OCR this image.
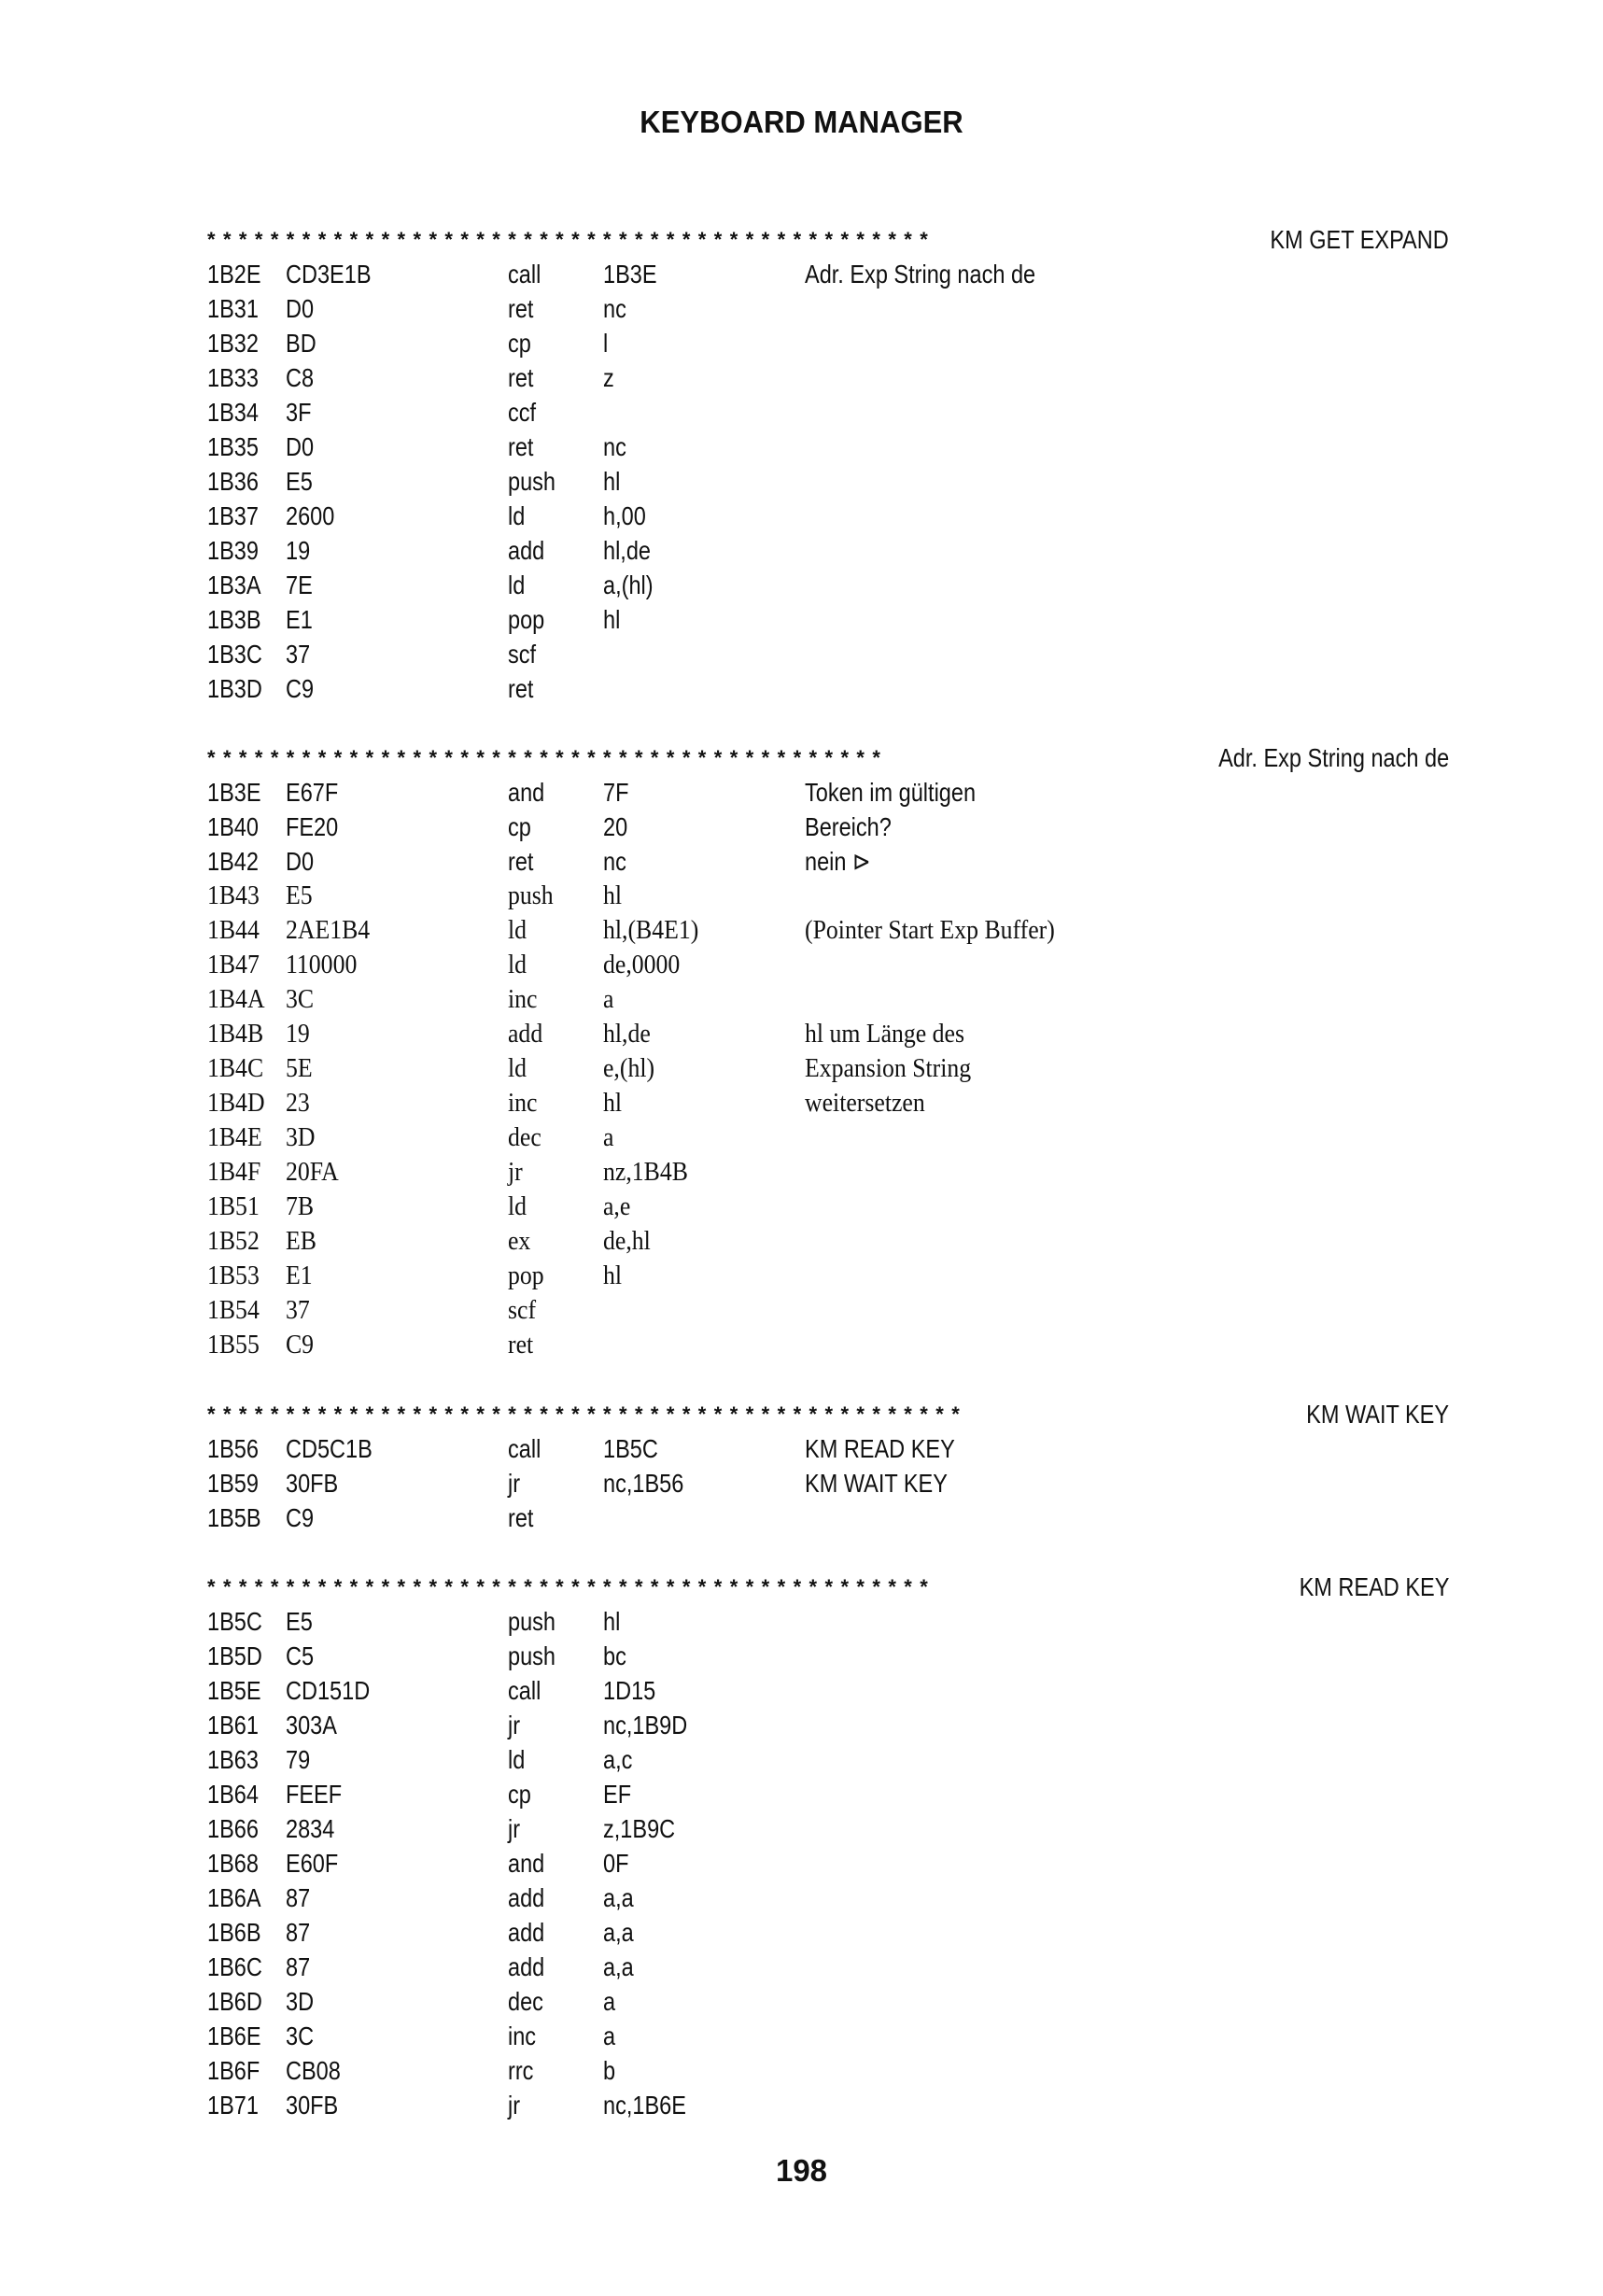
KEYBOARD MANAGER
**********************************************	KM GET EXPAND
1B2E CD3E1B	call 1B3E	Adr. Exp String nach de
1B31 D0	ret	nc
1B32 BD	cp	l
1B33 C8	ret	z
1B34 3F	ccf
1B35 D0	ret	nc
1B36 E5	push hl
1B37 2600	ld	h,00
1B39 19	add hl,de
1B3A 7E	ld	a,(hl)
1B3B E1	pop hl
1B3C 37	scf
1B3D C9	ret
*******************************************	Adr. Exp String nach de
1B3E E67F	and 7F	Token im gültigen
1B40 FE20	cp	20	Bereich?
1B42 D0	ret	nc	nein ⊳
1B43 E5	push hl
1B44 2AE1B4	ld	hl,(B4E1)	(Pointer Start Exp Buffer)
1B47 110000	ld	de,0000
1B4A 3C	inc	a
1B4B 19	add hl,de	hl um Länge des
1B4C 5E	ld	e,(hl)	Expansion String
1B4D 23	inc	hl	weitersetzen
1B4E 3D	dec a
1B4F 20FA	jr	nz,1B4B
1B51 7B	ld	a,e
1B52 EB	ex	de,hl
1B53 E1	pop hl
1B54 37	scf
1B55 C9	ret
************************************************	KM WAIT KEY
1B56 CD5C1B	call 1B5C	KM READ KEY
1B59 30FB	jr	nc,1B56	KM WAIT KEY
1B5B C9	ret
**********************************************	KM READ KEY
1B5C E5	push hl
1B5D C5	push bc
1B5E CD151D	call 1D15
1B61 303A	jr	nc,1B9D
1B63 79	ld	a,c
1B64 FEEF	cp	EF
1B66 2834	jr	z,1B9C
1B68 E60F	and 0F
1B6A 87	add a,a
1B6B 87	add a,a
1B6C 87	add a,a
1B6D 3D	dec a
1B6E 3C	inc	a
1B6F CB08	rrc	b
1B71 30FB	jr	nc,1B6E
198
